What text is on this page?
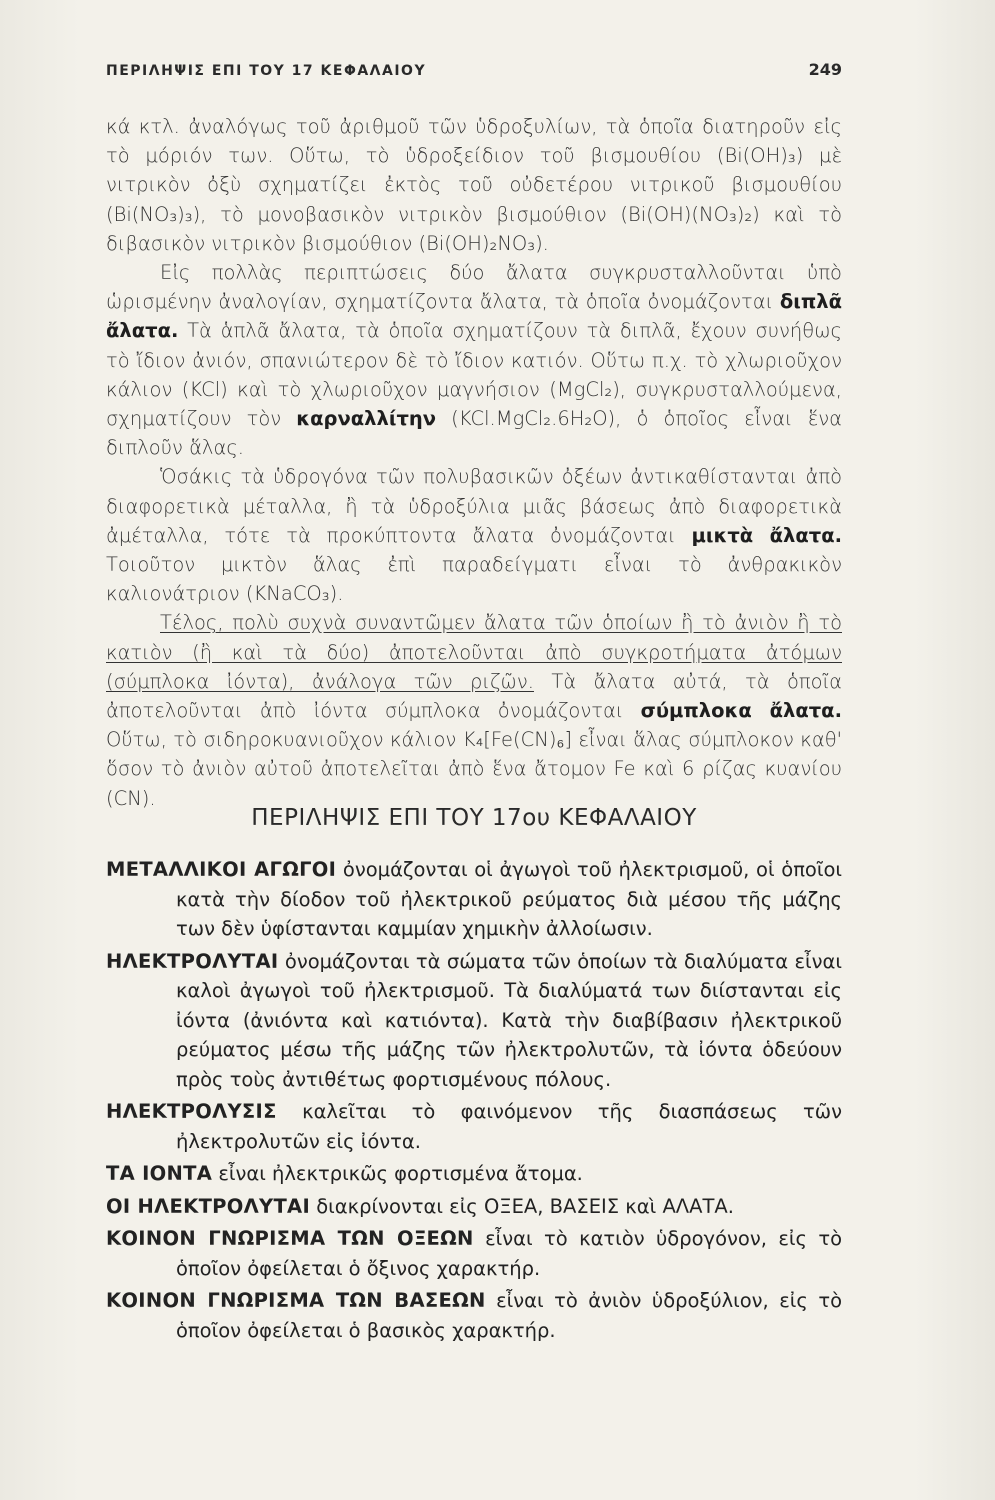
ΠΕΡΙΛΗΨΙΣ ΕΠΙ ΤΟΥ 17 ΚΕΦΑΛΑΙΟΥ	249

κά κτλ. ἀναλόγως τοῦ ἀριθμοῦ τῶν ὑδροξυλίων, τὰ ὁποῖα διατηροῦν εἰς τὸ μόριόν των. Οὕτω, τὸ ὑδροξείδιον τοῦ βισμουθίου (Bi(OH)₃) μὲ νιτρικὸν ὀξὺ σχηματίζει ἐκτὸς τοῦ οὐδετέρου νιτρικοῦ βισμουθίου (Bi(NO₃)₃), τὸ μονοβασικὸν νιτρικὸν βισμούθιον (Bi(OH)(NO₃)₂) καὶ τὸ διβασικὸν νιτρικὸν βισμούθιον (Bi(OH)₂NO₃).

Εἰς πολλὰς περιπτώσεις δύο ἄλατα συγκρυσταλλοῦνται ὑπὸ ὡρισμένην ἀναλογίαν, σχηματίζοντα ἄλατα, τὰ ὁποῖα ὀνομάζονται διπλᾶ ἄλατα. Τὰ ἁπλᾶ ἄλατα, τὰ ὁποῖα σχηματίζουν τὰ διπλᾶ, ἔχουν συνήθως τὸ ἴδιον ἀνιόν, σπανιώτερον δὲ τὸ ἴδιον κατιόν. Οὕτω π.χ. τὸ χλωριοῦχον κάλιον (KCl) καὶ τὸ χλωριοῦχον μαγνήσιον (MgCl₂), συγκρυσταλλούμενα, σχηματίζουν τὸν καρναλλίτην (KCl.MgCl₂.6H₂O), ὁ ὁποῖος εἶναι ἕνα διπλοῦν ἅλας.

Ὁσάκις τὰ ὑδρογόνα τῶν πολυβασικῶν ὀξέων ἀντικαθίστανται ἀπὸ διαφορετικὰ μέταλλα, ἢ τὰ ὑδροξύλια μιᾶς βάσεως ἀπὸ διαφορετικὰ ἀμέταλλα, τότε τὰ προκύπτοντα ἄλατα ὀνομάζονται μικτὰ ἄλατα. Τοιοῦτον μικτὸν ἅλας ἐπὶ παραδείγματι εἶναι τὸ ἀνθρακικὸν καλιονάτριον (KNaCO₃).

Τέλος, πολὺ συχνὰ συναντῶμεν ἄλατα τῶν ὁποίων ἢ τὸ ἀνιὸν ἢ τὸ κατιὸν (ἢ καὶ τὰ δύο) ἀποτελοῦνται ἀπὸ συγκροτήματα ἀτόμων (σύμπλοκα ἰόντα), ἀνάλογα τῶν ριζῶν. Τὰ ἄλατα αὐτά, τὰ ὁποῖα ἀποτελοῦνται ἀπὸ ἰόντα σύμπλοκα ὀνομάζονται σύμπλοκα ἄλατα. Οὕτω, τὸ σιδηροκυανιοῦχον κάλιον K₄[Fe(CN)₆] εἶναι ἅλας σύμπλοκον καθ' ὅσον τὸ ἀνιὸν αὐτοῦ ἀποτελεῖται ἀπὸ ἕνα ἄτομον Fe καὶ 6 ρίζας κυανίου (CN).

ΠΕΡΙΛΗΨΙΣ ΕΠΙ ΤΟΥ 17ου ΚΕΦΑΛΑΙΟΥ

ΜΕΤΑΛΛΙΚΟΙ ΑΓΩΓΟΙ ὀνομάζονται οἱ ἀγωγοὶ τοῦ ἠλεκτρισμοῦ, οἱ ὁποῖοι κατὰ τὴν δίοδον τοῦ ἠλεκτρικοῦ ρεύματος διὰ μέσου τῆς μάζης των δὲν ὑφίστανται καμμίαν χημικὴν ἀλλοίωσιν.

ΗΛΕΚΤΡΟΛΥΤΑΙ ὀνομάζονται τὰ σώματα τῶν ὁποίων τὰ διαλύματα εἶναι καλοὶ ἀγωγοὶ τοῦ ἠλεκτρισμοῦ. Τὰ διαλύματά των διίστανται εἰς ἰόντα (ἀνιόντα καὶ κατιόντα). Κατὰ τὴν διαβίβασιν ἠλεκτρικοῦ ρεύματος μέσω τῆς μάζης τῶν ἠλεκτρολυτῶν, τὰ ἰόντα ὁδεύουν πρὸς τοὺς ἀντιθέτως φορτισμένους πόλους.

ΗΛΕΚΤΡΟΛΥΣΙΣ καλεῖται τὸ φαινόμενον τῆς διασπάσεως τῶν ἠλεκτρολυτῶν εἰς ἰόντα.

ΤΑ ΙΟΝΤΑ εἶναι ἠλεκτρικῶς φορτισμένα ἄτομα.

ΟΙ ΗΛΕΚΤΡΟΛΥΤΑΙ διακρίνονται εἰς ΟΞΕΑ, ΒΑΣΕΙΣ καὶ ΑΛΑΤΑ.

ΚΟΙΝΟΝ ΓΝΩΡΙΣΜΑ ΤΩΝ ΟΞΕΩΝ εἶναι τὸ κατιὸν ὑδρογόνον, εἰς τὸ ὁποῖον ὀφείλεται ὁ ὄξινος χαρακτήρ.

ΚΟΙΝΟΝ ΓΝΩΡΙΣΜΑ ΤΩΝ ΒΑΣΕΩΝ εἶναι τὸ ἀνιὸν ὑδροξύλιον, εἰς τὸ ὁποῖον ὀφείλεται ὁ βασικὸς χαρακτήρ.
